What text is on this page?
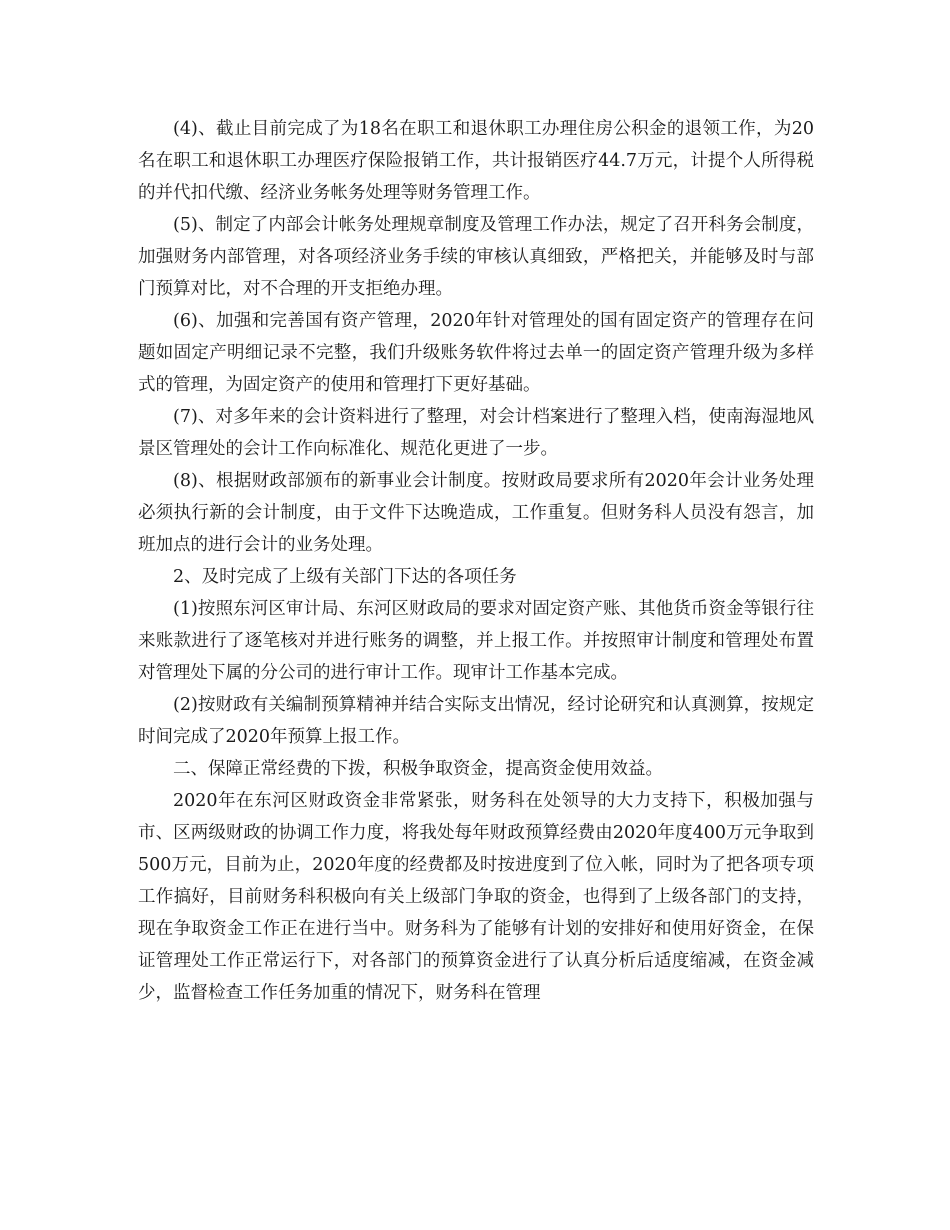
(4)、截止目前完成了为18名在职工和退休职工办理住房公积金的退领工作，为20名在职工和退休职工办理医疗保险报销工作，共计报销医疗44.7万元，计提个人所得税的并代扣代缴、经济业务帐务处理等财务管理工作。

(5)、制定了内部会计帐务处理规章制度及管理工作办法，规定了召开科务会制度，加强财务内部管理，对各项经济业务手续的审核认真细致，严格把关，并能够及时与部门预算对比，对不合理的开支拒绝办理。

(6)、加强和完善国有资产管理，2020年针对管理处的国有固定资产的管理存在问题如固定产明细记录不完整，我们升级账务软件将过去单一的固定资产管理升级为多样式的管理，为固定资产的使用和管理打下更好基础。

(7)、对多年来的会计资料进行了整理，对会计档案进行了整理入档，使南海湿地风景区管理处的会计工作向标准化、规范化更进了一步。

(8)、根据财政部颁布的新事业会计制度。按财政局要求所有2020年会计业务处理必须执行新的会计制度，由于文件下达晚造成，工作重复。但财务科人员没有怨言，加班加点的进行会计的业务处理。

2、及时完成了上级有关部门下达的各项任务

(1)按照东河区审计局、东河区财政局的要求对固定资产账、其他货币资金等银行往来账款进行了逐笔核对并进行账务的调整，并上报工作。并按照审计制度和管理处布置对管理处下属的分公司的进行审计工作。现审计工作基本完成。

(2)按财政有关编制预算精神并结合实际支出情况，经讨论研究和认真测算，按规定时间完成了2020年预算上报工作。

二、保障正常经费的下拨，积极争取资金，提高资金使用效益。

2020年在东河区财政资金非常紧张，财务科在处领导的大力支持下，积极加强与市、区两级财政的协调工作力度，将我处每年财政预算经费由2020年度400万元争取到500万元，目前为止，2020年度的经费都及时按进度到了位入帐，同时为了把各项专项工作搞好，目前财务科积极向有关上级部门争取的资金，也得到了上级各部门的支持，现在争取资金工作正在进行当中。财务科为了能够有计划的安排好和使用好资金，在保证管理处工作正常运行下，对各部门的预算资金进行了认真分析后适度缩减，在资金减少，监督检查工作任务加重的情况下，财务科在管理
